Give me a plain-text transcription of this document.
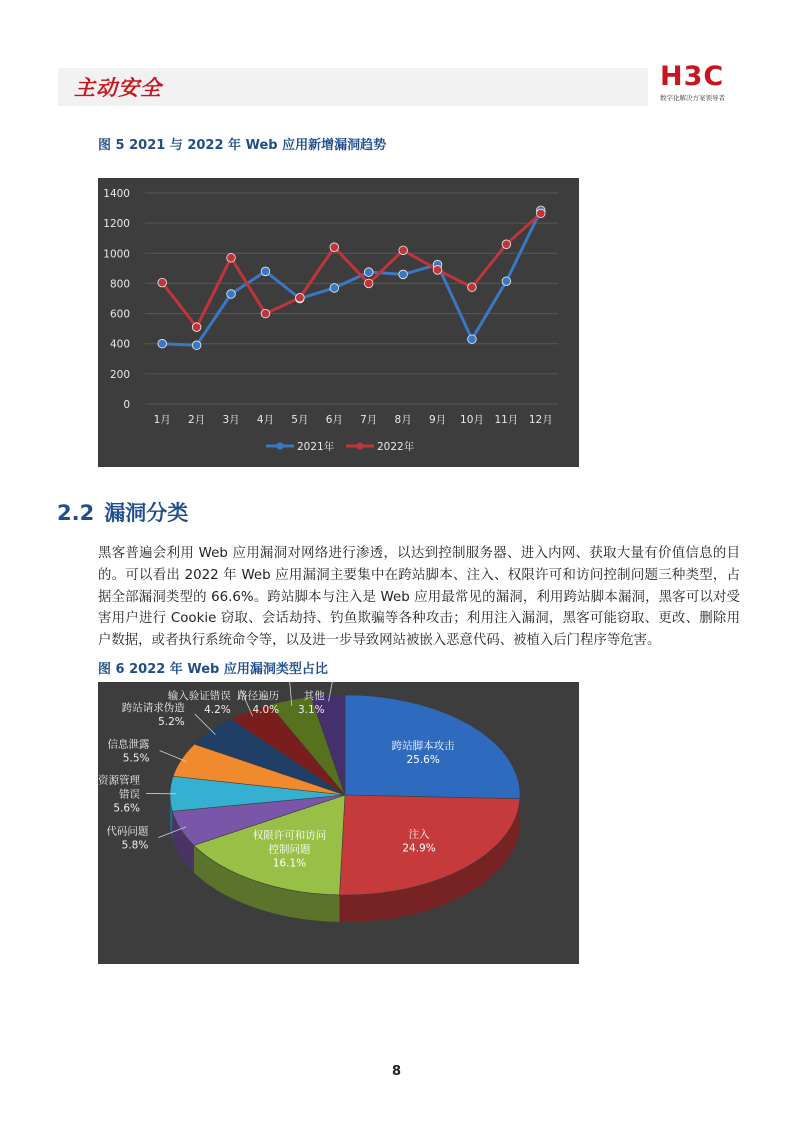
主动安全	H3C
数字化解决方案领导者
图 5 2021 与 2022 年 Web 应用新增漏洞趋势
0
200
400
600
800
1000
1200
1400
1月 2月 3月 4月 5月 6月 7月 8月 9月 10月 11月 12月
2021年	2022年
2.2 漏洞分类
黑客普遍会利用 Web 应用漏洞对网络进行渗透，以达到控制服务器、进入内网、获取大量有价值信息的目的。可以看出 2022 年 Web 应用漏洞主要集中在跨站脚本、注入、权限许可和访问控制问题三种类型，占据全部漏洞类型的 66.6%。跨站脚本与注入是 Web 应用最常见的漏洞，利用跨站脚本漏洞，黑客可以对受害用户进行 Cookie 窃取、会话劫持、钓鱼欺骗等各种攻击；利用注入漏洞，黑客可能窃取、更改、删除用户数据，或者执行系统命令等，以及进一步导致网站被嵌入恶意代码、被植入后门程序等危害。
图 6 2022 年 Web 应用漏洞类型占比
跨站脚本攻击
25.6%
注入
24.9%
权限许可和访问
控制问题
16.1%
代码问题
5.8%
资源管理
错误
5.6%
信息泄露
5.5%
跨站请求伪造
5.2%
输入验证错误
4.2%
路径遍历
4.0%
其他
3.1%
8
